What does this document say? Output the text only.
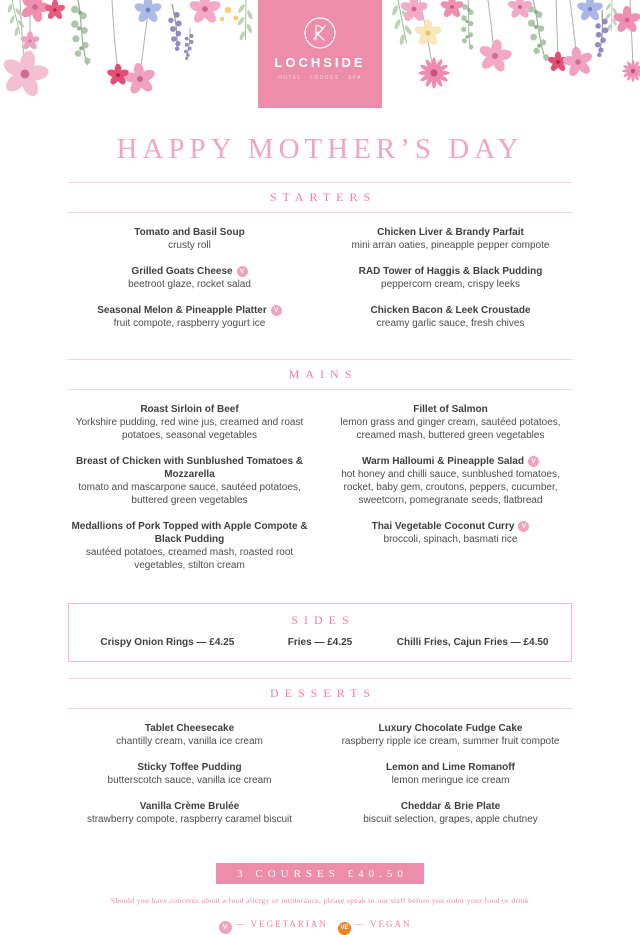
LOCHSIDE
HOTEL · LODGES · SPA
HAPPY MOTHER’S DAY
STARTERS
Tomato and Basil Soup
crusty roll
Grilled Goats Cheese V
beetroot glaze, rocket salad
Seasonal Melon & Pineapple Platter V
fruit compote, raspberry yogurt ice
Chicken Liver & Brandy Parfait
mini arran oaties, pineapple pepper compote
RAD Tower of Haggis & Black Pudding
peppercorn cream, crispy leeks
Chicken Bacon & Leek Croustade
creamy garlic sauce, fresh chives
MAINS
Roast Sirloin of Beef
Yorkshire pudding, red wine jus, creamed and roast potatoes, seasonal vegetables
Breast of Chicken with Sunblushed Tomatoes & Mozzarella
tomato and mascarpone sauce, sautéed potatoes, buttered green vegetables
Medallions of Pork Topped with Apple Compote & Black Pudding
sautéed potatoes, creamed mash, roasted root vegetables, stilton cream
Fillet of Salmon
lemon grass and ginger cream, sautéed potatoes, creamed mash, buttered green vegetables
Warm Halloumi & Pineapple Salad V
hot honey and chilli sauce, sunblushed tomatoes, rocket, baby gem, croutons, peppers, cucumber, sweetcorn, pomegranate seeds, flatbread
Thai Vegetable Coconut Curry V
broccoli, spinach, basmati rice
SIDES
Crispy Onion Rings — £4.25	Fries — £4.25	Chilli Fries, Cajun Fries — £4.50
DESSERTS
Tablet Cheesecake
chantilly cream, vanilla ice cream
Sticky Toffee Pudding
butterscotch sauce, vanilla ice cream
Vanilla Crème Brulée
strawberry compote, raspberry caramel biscuit
Luxury Chocolate Fudge Cake
raspberry ripple ice cream, summer fruit compote
Lemon and Lime Romanoff
lemon meringue ice cream
Cheddar & Brie Plate
biscuit selection, grapes, apple chutney
3 COURSES £40.50
Should you have concerns about a food allergy or intolerance, please speak to our staff before you order your food or drink
V — VEGETARIAN VE — VEGAN
